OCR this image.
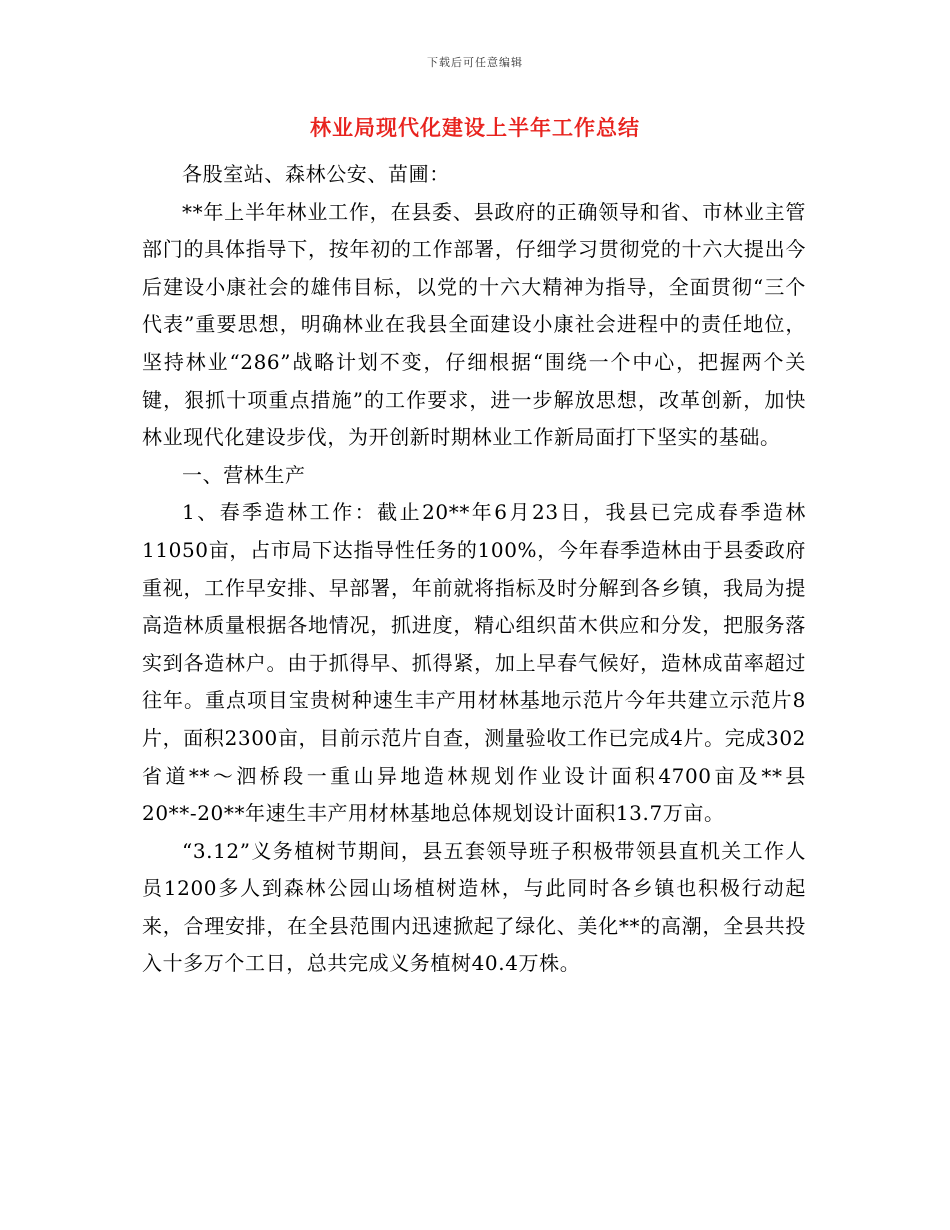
下载后可任意编辑
林业局现代化建设上半年工作总结

各股室站、森林公安、苗圃：

**年上半年林业工作，在县委、县政府的正确领导和省、市林业主管部门的具体指导下，按年初的工作部署，仔细学习贯彻党的十六大提出今后建设小康社会的雄伟目标，以党的十六大精神为指导，全面贯彻“三个代表”重要思想，明确林业在我县全面建设小康社会进程中的责任地位，坚持林业“286”战略计划不变，仔细根据“围绕一个中心，把握两个关键，狠抓十项重点措施”的工作要求，进一步解放思想，改革创新，加快林业现代化建设步伐，为开创新时期林业工作新局面打下坚实的基础。

一、营林生产

1、春季造林工作：截止20**年6月23日，我县已完成春季造林11050亩，占市局下达指导性任务的100%，今年春季造林由于县委政府重视，工作早安排、早部署，年前就将指标及时分解到各乡镇，我局为提高造林质量根据各地情况，抓进度，精心组织苗木供应和分发，把服务落实到各造林户。由于抓得早、抓得紧，加上早春气候好，造林成苗率超过往年。重点项目宝贵树种速生丰产用材林基地示范片今年共建立示范片8片，面积2300亩，目前示范片自查，测量验收工作已完成4片。完成302省道**～泗桥段一重山异地造林规划作业设计面积4700亩及**县20**-20**年速生丰产用材林基地总体规划设计面积13.7万亩。

“3.12”义务植树节期间，县五套领导班子积极带领县直机关工作人员1200多人到森林公园山场植树造林，与此同时各乡镇也积极行动起来，合理安排，在全县范围内迅速掀起了绿化、美化**的高潮，全县共投入十多万个工日，总共完成义务植树40.4万株。
